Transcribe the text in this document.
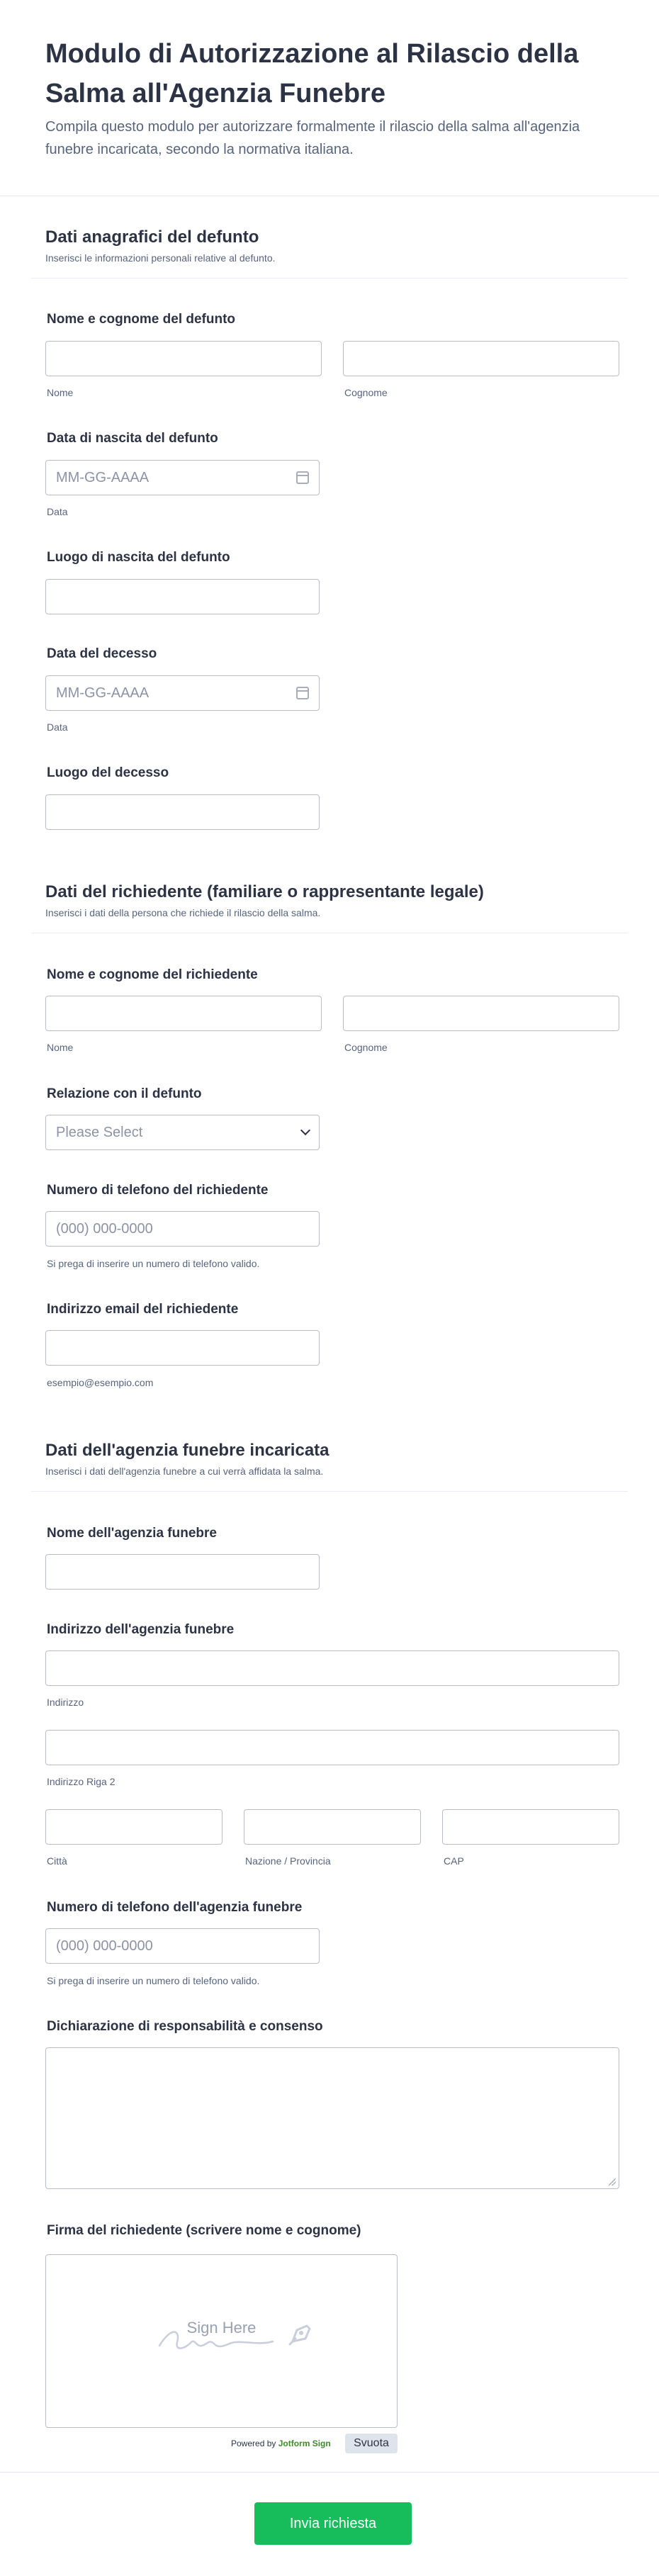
Modulo di Autorizzazione al Rilascio della Salma all'Agenzia Funebre
Compila questo modulo per autorizzare formalmente il rilascio della salma all'agenzia funebre incaricata, secondo la normativa italiana.
Dati anagrafici del defunto
Inserisci le informazioni personali relative al defunto.
Nome e cognome del defunto
Nome	Cognome
Data di nascita del defunto
MM-GG-AAAA
Data
Luogo di nascita del defunto
Data del decesso
MM-GG-AAAA
Data
Luogo del decesso
Dati del richiedente (familiare o rappresentante legale)
Inserisci i dati della persona che richiede il rilascio della salma.
Nome e cognome del richiedente
Nome	Cognome
Relazione con il defunto
Please Select
Numero di telefono del richiedente
(000) 000-0000
Si prega di inserire un numero di telefono valido.
Indirizzo email del richiedente
esempio@esempio.com
Dati dell'agenzia funebre incaricata
Inserisci i dati dell'agenzia funebre a cui verrà affidata la salma.
Nome dell'agenzia funebre
Indirizzo dell'agenzia funebre
Indirizzo
Indirizzo Riga 2
Città	Nazione / Provincia	CAP
Numero di telefono dell'agenzia funebre
(000) 000-0000
Si prega di inserire un numero di telefono valido.
Dichiarazione di responsabilità e consenso
Firma del richiedente (scrivere nome e cognome)
Sign Here
Powered by Jotform Sign	Svuota
Invia richiesta
